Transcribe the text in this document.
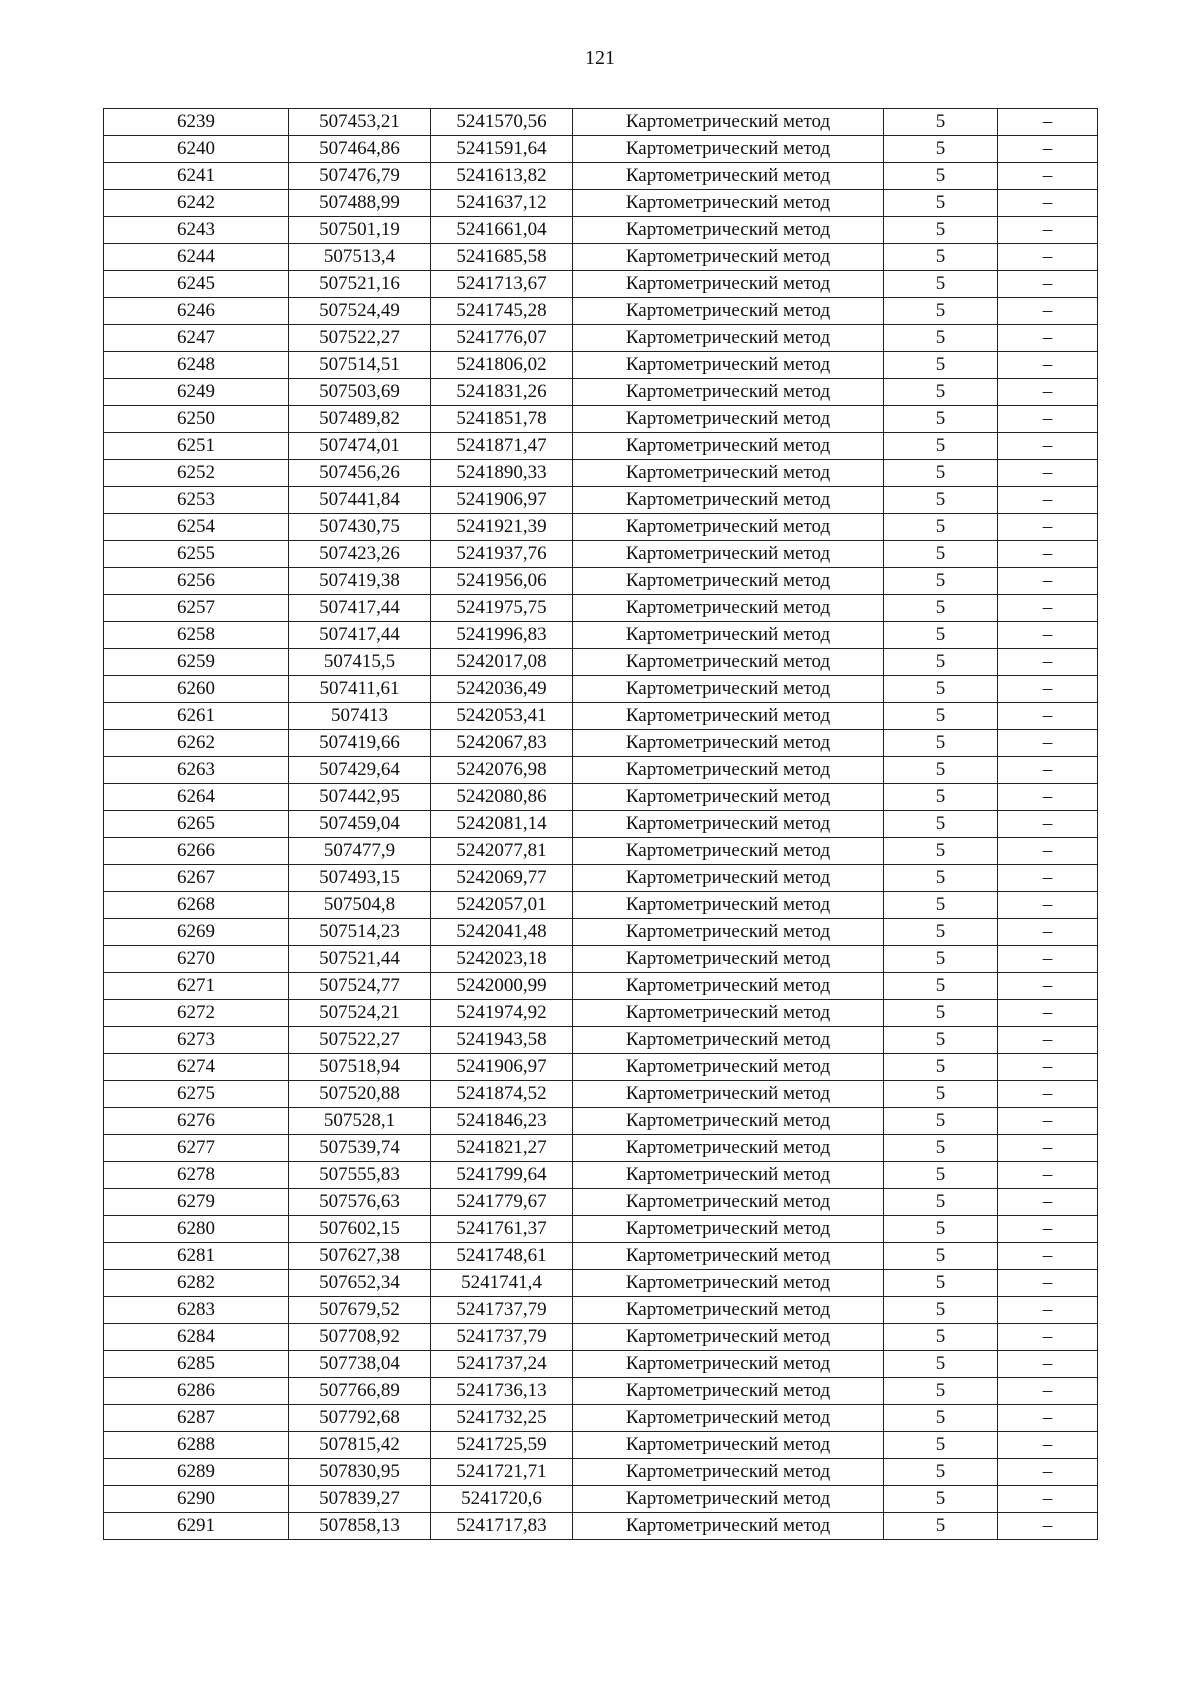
121
6239	507453,21	5241570,56	Картометрический метод	5	–
6240	507464,86	5241591,64	Картометрический метод	5	–
6241	507476,79	5241613,82	Картометрический метод	5	–
6242	507488,99	5241637,12	Картометрический метод	5	–
6243	507501,19	5241661,04	Картометрический метод	5	–
6244	507513,4	5241685,58	Картометрический метод	5	–
6245	507521,16	5241713,67	Картометрический метод	5	–
6246	507524,49	5241745,28	Картометрический метод	5	–
6247	507522,27	5241776,07	Картометрический метод	5	–
6248	507514,51	5241806,02	Картометрический метод	5	–
6249	507503,69	5241831,26	Картометрический метод	5	–
6250	507489,82	5241851,78	Картометрический метод	5	–
6251	507474,01	5241871,47	Картометрический метод	5	–
6252	507456,26	5241890,33	Картометрический метод	5	–
6253	507441,84	5241906,97	Картометрический метод	5	–
6254	507430,75	5241921,39	Картометрический метод	5	–
6255	507423,26	5241937,76	Картометрический метод	5	–
6256	507419,38	5241956,06	Картометрический метод	5	–
6257	507417,44	5241975,75	Картометрический метод	5	–
6258	507417,44	5241996,83	Картометрический метод	5	–
6259	507415,5	5242017,08	Картометрический метод	5	–
6260	507411,61	5242036,49	Картометрический метод	5	–
6261	507413	5242053,41	Картометрический метод	5	–
6262	507419,66	5242067,83	Картометрический метод	5	–
6263	507429,64	5242076,98	Картометрический метод	5	–
6264	507442,95	5242080,86	Картометрический метод	5	–
6265	507459,04	5242081,14	Картометрический метод	5	–
6266	507477,9	5242077,81	Картометрический метод	5	–
6267	507493,15	5242069,77	Картометрический метод	5	–
6268	507504,8	5242057,01	Картометрический метод	5	–
6269	507514,23	5242041,48	Картометрический метод	5	–
6270	507521,44	5242023,18	Картометрический метод	5	–
6271	507524,77	5242000,99	Картометрический метод	5	–
6272	507524,21	5241974,92	Картометрический метод	5	–
6273	507522,27	5241943,58	Картометрический метод	5	–
6274	507518,94	5241906,97	Картометрический метод	5	–
6275	507520,88	5241874,52	Картометрический метод	5	–
6276	507528,1	5241846,23	Картометрический метод	5	–
6277	507539,74	5241821,27	Картометрический метод	5	–
6278	507555,83	5241799,64	Картометрический метод	5	–
6279	507576,63	5241779,67	Картометрический метод	5	–
6280	507602,15	5241761,37	Картометрический метод	5	–
6281	507627,38	5241748,61	Картометрический метод	5	–
6282	507652,34	5241741,4	Картометрический метод	5	–
6283	507679,52	5241737,79	Картометрический метод	5	–
6284	507708,92	5241737,79	Картометрический метод	5	–
6285	507738,04	5241737,24	Картометрический метод	5	–
6286	507766,89	5241736,13	Картометрический метод	5	–
6287	507792,68	5241732,25	Картометрический метод	5	–
6288	507815,42	5241725,59	Картометрический метод	5	–
6289	507830,95	5241721,71	Картометрический метод	5	–
6290	507839,27	5241720,6	Картометрический метод	5	–
6291	507858,13	5241717,83	Картометрический метод	5	–
